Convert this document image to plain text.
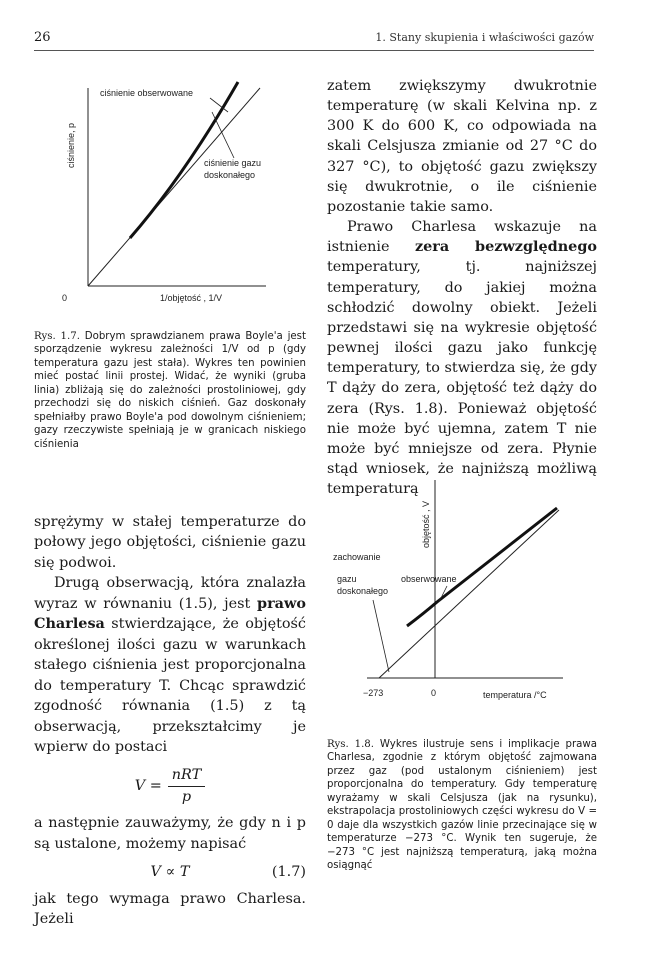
26	1. Stany skupienia i właściwości gazów
ciśnienie obserwowane
ciśnienie gazu
doskonałego
ciśnienie, p
0	1/objętość , 1/V
Rys. 1.7. Dobrym sprawdzianem prawa Boyle'a jest sporządzenie wykresu zależności 1/V od p (gdy temperatura gazu jest stała). Wykres ten powinien mieć postać linii prostej. Widać, że wyniki (gruba linia) zbliżają się do zależności prostoliniowej, gdy przechodzi się do niskich ciśnień. Gaz doskonały spełniałby prawo Boyle'a pod dowolnym ciśnieniem; gazy rzeczywiste spełniają je w granicach niskiego ciśnienia

zatem zwiększymy dwukrotnie temperaturę (w skali Kelvina np. z 300 K do 600 K, co odpowiada na skali Celsjusza zmianie od 27 °C do 327 °C), to objętość gazu zwiększy się dwukrotnie, o ile ciśnienie pozostanie takie samo.

Prawo Charlesa wskazuje na istnienie zera bezwzględnego temperatury, tj. najniższej temperatury, do jakiej można schłodzić dowolny obiekt. Jeżeli przedstawi się na wykresie objętość pewnej ilości gazu jako funkcję temperatury, to stwierdza się, że gdy T dąży do zera, objętość też dąży do zera (Rys. 1.8). Ponieważ objętość nie może być ujemna, zatem T nie może być mniejsze od zera. Płynie stąd wniosek, że najniższą możliwą temperaturą

objętość , V
zachowanie
gazu
doskonałego
obserwowane
−273	0	temperatura /°C
Rys. 1.8. Wykres ilustruje sens i implikacje prawa Charlesa, zgodnie z którym objętość zajmowana przez gaz (pod ustalonym ciśnieniem) jest proporcjonalna do temperatury. Gdy temperaturę wyrażamy w skali Celsjusza (jak na rysunku), ekstrapolacja prostoliniowych części wykresu do V = 0 daje dla wszystkich gazów linie przecinające się w temperaturze −273 °C. Wynik ten sugeruje, że −273 °C jest najniższą temperaturą, jaką można osiągnąć

sprężymy w stałej temperaturze do połowy jego objętości, ciśnienie gazu się podwoi.

Drugą obserwacją, która znalazła wyraz w równaniu (1.5), jest prawo Charlesa stwierdzające, że objętość określonej ilości gazu w warunkach stałego ciśnienia jest proporcjonalna do temperatury T. Chcąc sprawdzić zgodność równania (1.5) z tą obserwacją, przekształcimy je wpierw do postaci

V =
nRT
p

a następnie zauważymy, że gdy n i p są ustalone, możemy napisać

V ∝ T	(1.7)

jak tego wymaga prawo Charlesa. Jeżeli
